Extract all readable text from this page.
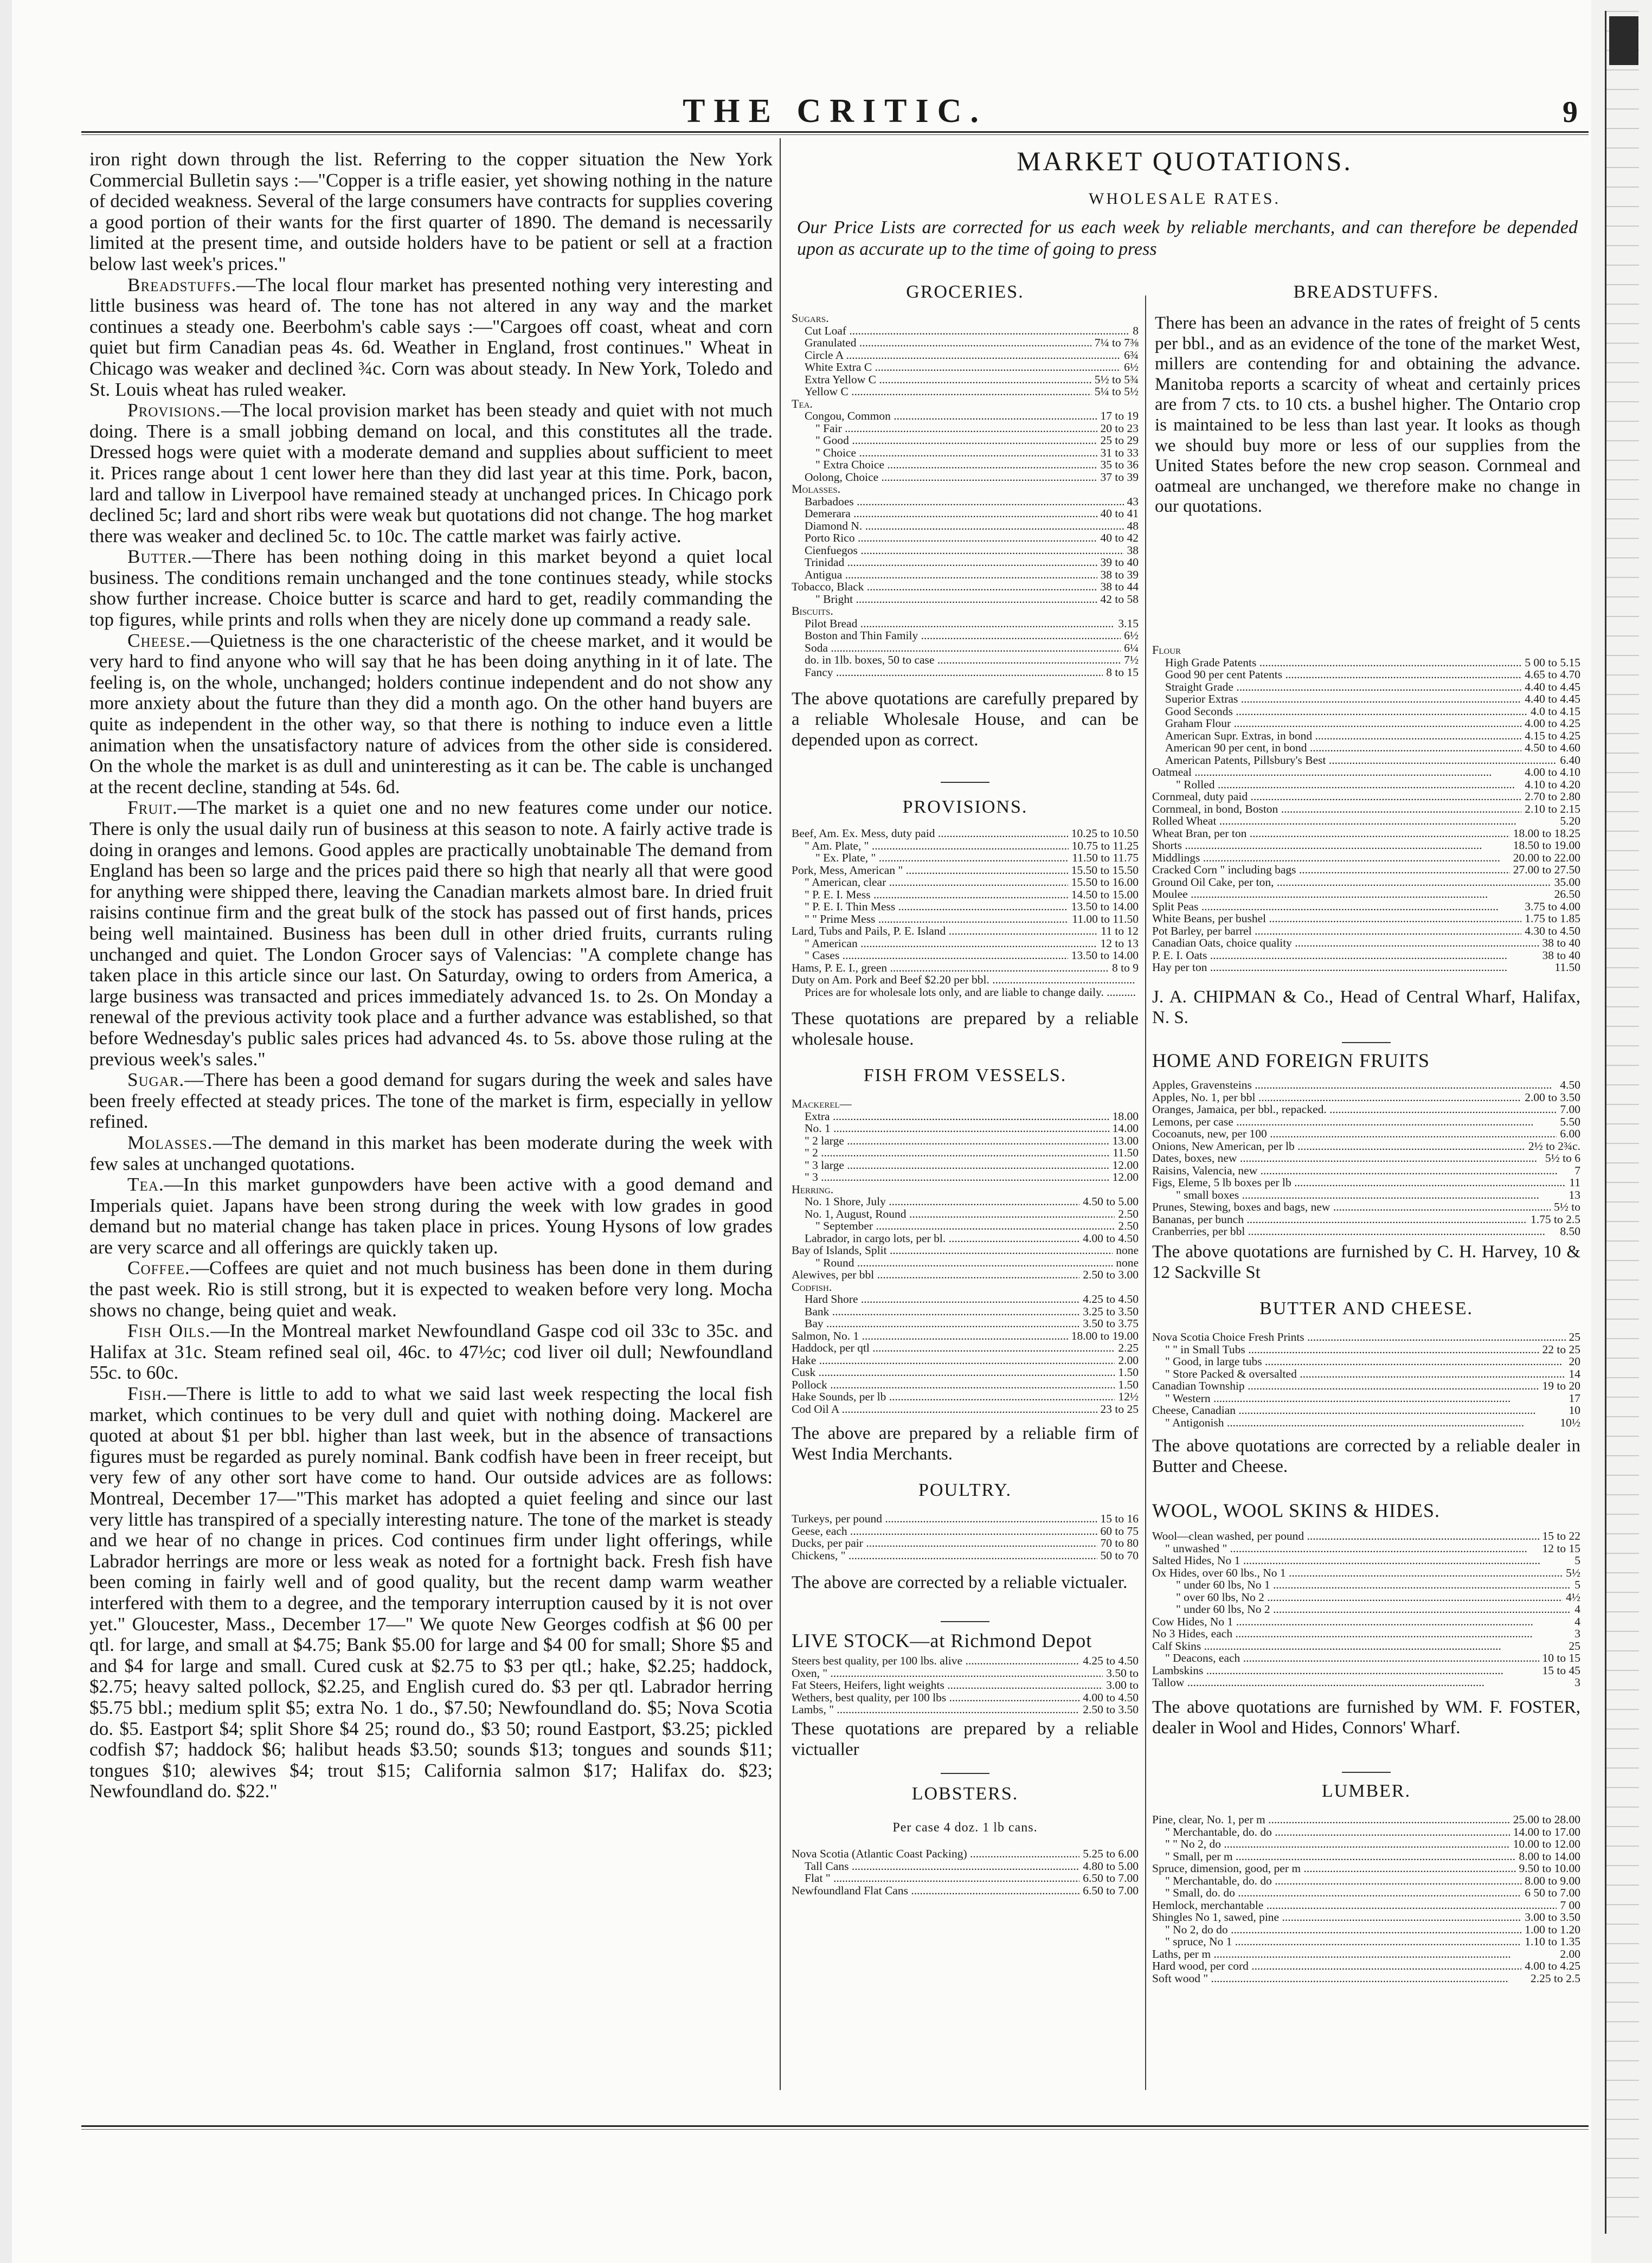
THE CRITIC.	9

iron right down through the list. Referring to the copper situation the New York Commercial Bulletin says :—"Copper is a trifle easier, yet showing nothing in the nature of decided weakness. Several of the large consumers have contracts for supplies covering a good portion of their wants for the first quarter of 1890. The demand is necessarily limited at the present time, and outside holders have to be patient or sell at a fraction below last week's prices."

Breadstuffs.—The local flour market has presented nothing very interesting and little business was heard of. The tone has not altered in any way and the market continues a steady one. Beerbohm's cable says :—"Cargoes off coast, wheat and corn quiet but firm Canadian peas 4s. 6d. Weather in England, frost continues." Wheat in Chicago was weaker and declined ¾c. Corn was about steady. In New York, Toledo and St. Louis wheat has ruled weaker.

Provisions.—The local provision market has been steady and quiet with not much doing. There is a small jobbing demand on local, and this constitutes all the trade. Dressed hogs were quiet with a moderate demand and supplies about sufficient to meet it. Prices range about 1 cent lower here than they did last year at this time. Pork, bacon, lard and tallow in Liverpool have remained steady at unchanged prices. In Chicago pork declined 5c; lard and short ribs were weak but quotations did not change. The hog market there was weaker and declined 5c. to 10c. The cattle market was fairly active.

Butter.—There has been nothing doing in this market beyond a quiet local business. The conditions remain unchanged and the tone continues steady, while stocks show further increase. Choice butter is scarce and hard to get, readily commanding the top figures, while prints and rolls when they are nicely done up command a ready sale.

Cheese.—Quietness is the one characteristic of the cheese market, and it would be very hard to find anyone who will say that he has been doing anything in it of late. The feeling is, on the whole, unchanged; holders continue independent and do not show any more anxiety about the future than they did a month ago. On the other hand buyers are quite as independent in the other way, so that there is nothing to induce even a little animation when the unsatisfactory nature of advices from the other side is considered. On the whole the market is as dull and uninteresting as it can be. The cable is unchanged at the recent decline, standing at 54s. 6d.

Fruit.—The market is a quiet one and no new features come under our notice. There is only the usual daily run of business at this season to note. A fairly active trade is doing in oranges and lemons. Good apples are practically unobtainable The demand from England has been so large and the prices paid there so high that nearly all that were good for anything were shipped there, leaving the Canadian markets almost bare. In dried fruit raisins continue firm and the great bulk of the stock has passed out of first hands, prices being well maintained. Business has been dull in other dried fruits, currants ruling unchanged and quiet. The London Grocer says of Valencias: "A complete change has taken place in this article since our last. On Saturday, owing to orders from America, a large business was transacted and prices immediately advanced 1s. to 2s. On Monday a renewal of the previous activity took place and a further advance was established, so that before Wednesday's public sales prices had advanced 4s. to 5s. above those ruling at the previous week's sales."

Sugar.—There has been a good demand for sugars during the week and sales have been freely effected at steady prices. The tone of the market is firm, especially in yellow refined.

Molasses.—The demand in this market has been moderate during the week with few sales at unchanged quotations.

Tea.—In this market gunpowders have been active with a good demand and Imperials quiet. Japans have been strong during the week with low grades in good demand but no material change has taken place in prices. Young Hysons of low grades are very scarce and all offerings are quickly taken up.

Coffee.—Coffees are quiet and not much business has been done in them during the past week. Rio is still strong, but it is expected to weaken before very long. Mocha shows no change, being quiet and weak.

Fish Oils.—In the Montreal market Newfoundland Gaspe cod oil 33c to 35c. and Halifax at 31c. Steam refined seal oil, 46c. to 47½c; cod liver oil dull; Newfoundland 55c. to 60c.

Fish.—There is little to add to what we said last week respecting the local fish market, which continues to be very dull and quiet with nothing doing. Mackerel are quoted at about $1 per bbl. higher than last week, but in the absence of transactions figures must be regarded as purely nominal. Bank codfish have been in freer receipt, but very few of any other sort have come to hand. Our outside advices are as follows: Montreal, December 17—"This market has adopted a quiet feeling and since our last very little has transpired of a specially interesting nature. The tone of the market is steady and we hear of no change in prices. Cod continues firm under light offerings, while Labrador herrings are more or less weak as noted for a fortnight back. Fresh fish have been coming in fairly well and of good quality, but the recent damp warm weather interfered with them to a degree, and the temporary interruption caused by it is not over yet." Gloucester, Mass., December 17—" We quote New Georges codfish at $6 00 per qtl. for large, and small at $4.75; Bank $5.00 for large and $4 00 for small; Shore $5 and and $4 for large and small. Cured cusk at $2.75 to $3 per qtl.; hake, $2.25; haddock, $2.75; heavy salted pollock, $2.25, and English cured do. $3 per qtl. Labrador herring $5.75 bbl.; medium split $5; extra No. 1 do., $7.50; Newfoundland do. $5; Nova Scotia do. $5. Eastport $4; split Shore $4 25; round do., $3 50; round Eastport, $3.25; pickled codfish $7; haddock $6; halibut heads $3.50; sounds $13; tongues and sounds $11; tongues $10; alewives $4; trout $15; California salmon $17; Halifax do. $23; Newfoundland do. $22."

MARKET QUOTATIONS.
WHOLESALE RATES.
Our Price Lists are corrected for us each week by reliable merchants, and can therefore be depended upon as accurate up to the time of going to press
GROCERIES.
Sugars.
Cut Loaf .....	8
Granulated .....	7¼ to 7⅜
Circle A .....	6¾
White Extra C .....	6½
Extra Yellow C .....	5½ to 5¾
Yellow C .....	5¼ to 5½
Tea.
Congou, Common .....	17 to 19
" Fair .....	20 to 23
" Good .....	25 to 29
" Choice .....	31 to 33
" Extra Choice .....	35 to 36
Oolong, Choice .....	37 to 39
Molasses.
Barbadoes .....	43
Demerara .....	40 to 41
Diamond N. .....	48
Porto Rico .....	40 to 42
Cienfuegos .....	38
Trinidad .....	39 to 40
Antigua .....	38 to 39
Tobacco, Black .....	38 to 44
" Bright .....	42 to 58
Biscuits.
Pilot Bread .....	3.15
Boston and Thin Family .....	6½
Soda .....	6¼
do. in 1lb. boxes, 50 to case .....	7½
Fancy .....	8 to 15
The above quotations are carefully prepared by a reliable Wholesale House, and can be depended upon as correct.
PROVISIONS.
Beef, Am. Ex. Mess, duty paid .....	10.25 to 10.50
" Am. Plate, " .....	10.75 to 11.25
" Ex. Plate, " .....	11.50 to 11.75
Pork, Mess, American " .....	15.50 to 15.50
" American, clear .....	15.50 to 16.00
" P. E. I. Mess .....	14.50 to 15.00
" P. E. I. Thin Mess .....	13.50 to 14.00
" " Prime Mess .....	11.00 to 11.50
Lard, Tubs and Pails, P. E. Island .....	11 to 12
" American .....	12 to 13
" Cases .....	13.50 to 14.00
Hams, P. E. I., green .....	8 to 9
Duty on Am. Pork and Beef $2.20 per bbl. .....
Prices are for wholesale lots only, and are liable to change daily. .....
These quotations are prepared by a reliable wholesale house.
FISH FROM VESSELS.
Mackerel—
Extra .....	18.00
No. 1 .....	14.00
" 2 large .....	13.00
" 2 .....	11.50
" 3 large .....	12.00
" 3 .....	12.00
Herring.
No. 1 Shore, July .....	4.50 to 5.00
No. 1, August, Round .....	2.50
" September .....	2.50
Labrador, in cargo lots, per bl. .....	4.00 to 4.50
Bay of Islands, Split .....	none
" Round .....	none
Alewives, per bbl .....	2.50 to 3.00
Codfish.
Hard Shore .....	4.25 to 4.50
Bank .....	3.25 to 3.50
Bay .....	3.50 to 3.75
Salmon, No. 1 .....	18.00 to 19.00
Haddock, per qtl .....	2.25
Hake .....	2.00
Cusk .....	1.50
Pollock .....	1.50
Hake Sounds, per lb .....	12½
Cod Oil A .....	23 to 25
The above are prepared by a reliable firm of West India Merchants.
POULTRY.
Turkeys, per pound .....	15 to 16
Geese, each .....	60 to 75
Ducks, per pair .....	70 to 80
Chickens, " .....	50 to 70
The above are corrected by a reliable victualer.
LIVE STOCK—at Richmond Depot
Steers best quality, per 100 lbs. alive .....	4.25 to 4.50
Oxen, " .....	3.50 to
Fat Steers, Heifers, light weights .....	3.00 to
Wethers, best quality, per 100 lbs .....	4.00 to 4.50
Lambs, " .....	2.50 to 3.50
These quotations are prepared by a reliable victualler
LOBSTERS.
Per case 4 doz. 1 lb cans.
Nova Scotia (Atlantic Coast Packing) .....	5.25 to 6.00
Tall Cans .....	4.80 to 5.00
Flat " .....	6.50 to 7.00
Newfoundland Flat Cans .....	6.50 to 7.00
BREADSTUFFS.
There has been an advance in the rates of freight of 5 cents per bbl., and as an evidence of the tone of the market West, millers are contending for and obtaining the advance. Manitoba reports a scarcity of wheat and certainly prices are from 7 cts. to 10 cts. a bushel higher. The Ontario crop is maintained to be less than last year. It looks as though we should buy more or less of our supplies from the United States before the new crop season. Cornmeal and oatmeal are unchanged, we therefore make no change in our quotations.
Flour
High Grade Patents .....	5 00 to 5.15
Good 90 per cent Patents .....	4.65 to 4.70
Straight Grade .....	4.40 to 4.45
Superior Extras .....	4.40 to 4.45
Good Seconds .....	4.0 to 4.15
Graham Flour .....	4.00 to 4.25
American Supr. Extras, in bond .....	4.15 to 4.25
American 90 per cent, in bond .....	4.50 to 4.60
American Patents, Pillsbury's Best .....	6.40
Oatmeal .....	4.00 to 4.10
" Rolled .....	4.10 to 4.20
Cornmeal, duty paid .....	2.70 to 2.80
Cornmeal, in bond, Boston .....	2.10 to 2.15
Rolled Wheat .....	5.20
Wheat Bran, per ton .....	18.00 to 18.25
Shorts .....	18.50 to 19.00
Middlings .....	20.00 to 22.00
Cracked Corn " including bags .....	27.00 to 27.50
Ground Oil Cake, per ton, .....	35.00
Moulee .....	26.50
Split Peas .....	3.75 to 4.00
White Beans, per bushel .....	1.75 to 1.85
Pot Barley, per barrel .....	4.30 to 4.50
Canadian Oats, choice quality .....	38 to 40
P. E. I. Oats .....	38 to 40
Hay per ton .....	11.50
J. A. CHIPMAN & Co., Head of Central Wharf, Halifax, N. S.
HOME AND FOREIGN FRUITS
Apples, Gravensteins .....	4.50
Apples, No. 1, per bbl .....	2.00 to 3.50
Oranges, Jamaica, per bbl., repacked. .....	7.00
Lemons, per case .....	5.50
Cocoanuts, new, per 100 .....	6.00
Onions, New American, per lb .....	2½ to 2¾c.
Dates, boxes, new .....	5½ to 6
Raisins, Valencia, new .....	7
Figs, Eleme, 5 lb boxes per lb .....	11
" small boxes .....	13
Prunes, Stewing, boxes and bags, new .....	5½ to
Bananas, per bunch .....	1.75 to 2.5
Cranberries, per bbl .....	8.50
The above quotations are furnished by C. H. Harvey, 10 & 12 Sackville St
BUTTER AND CHEESE.
Nova Scotia Choice Fresh Prints .....	25
" " in Small Tubs .....	22 to 25
" Good, in large tubs .....	20
" Store Packed & oversalted .....	14
Canadian Township .....	19 to 20
" Western .....	17
Cheese, Canadian .....	10
" Antigonish .....	10½
The above quotations are corrected by a reliable dealer in Butter and Cheese.
WOOL, WOOL SKINS & HIDES.
Wool—clean washed, per pound .....	15 to 22
" unwashed " .....	12 to 15
Salted Hides, No 1 .....	5
Ox Hides, over 60 lbs., No 1 .....	5½
" under 60 lbs, No 1 .....	5
" over 60 lbs, No 2 .....	4½
" under 60 lbs, No 2 .....	4
Cow Hides, No 1 .....	4
No 3 Hides, each .....	3
Calf Skins .....	25
" Deacons, each .....	10 to 15
Lambskins .....	15 to 45
Tallow .....	3
The above quotations are furnished by WM. F. FOSTER, dealer in Wool and Hides, Connors' Wharf.
LUMBER.
Pine, clear, No. 1, per m .....	25.00 to 28.00
" Merchantable, do. do .....	14.00 to 17.00
" " No 2, do .....	10.00 to 12.00
" Small, per m .....	8.00 to 14.00
Spruce, dimension, good, per m .....	9.50 to 10.00
" Merchantable, do. do .....	8.00 to 9.00
" Small, do. do .....	6 50 to 7.00
Hemlock, merchantable .....	7 00
Shingles No 1, sawed, pine .....	3.00 to 3.50
" No 2, do do .....	1.00 to 1.20
" spruce, No 1 .....	1.10 to 1.35
Laths, per m .....	2.00
Hard wood, per cord .....	4.00 to 4.25
Soft wood " .....	2.25 to 2.5
